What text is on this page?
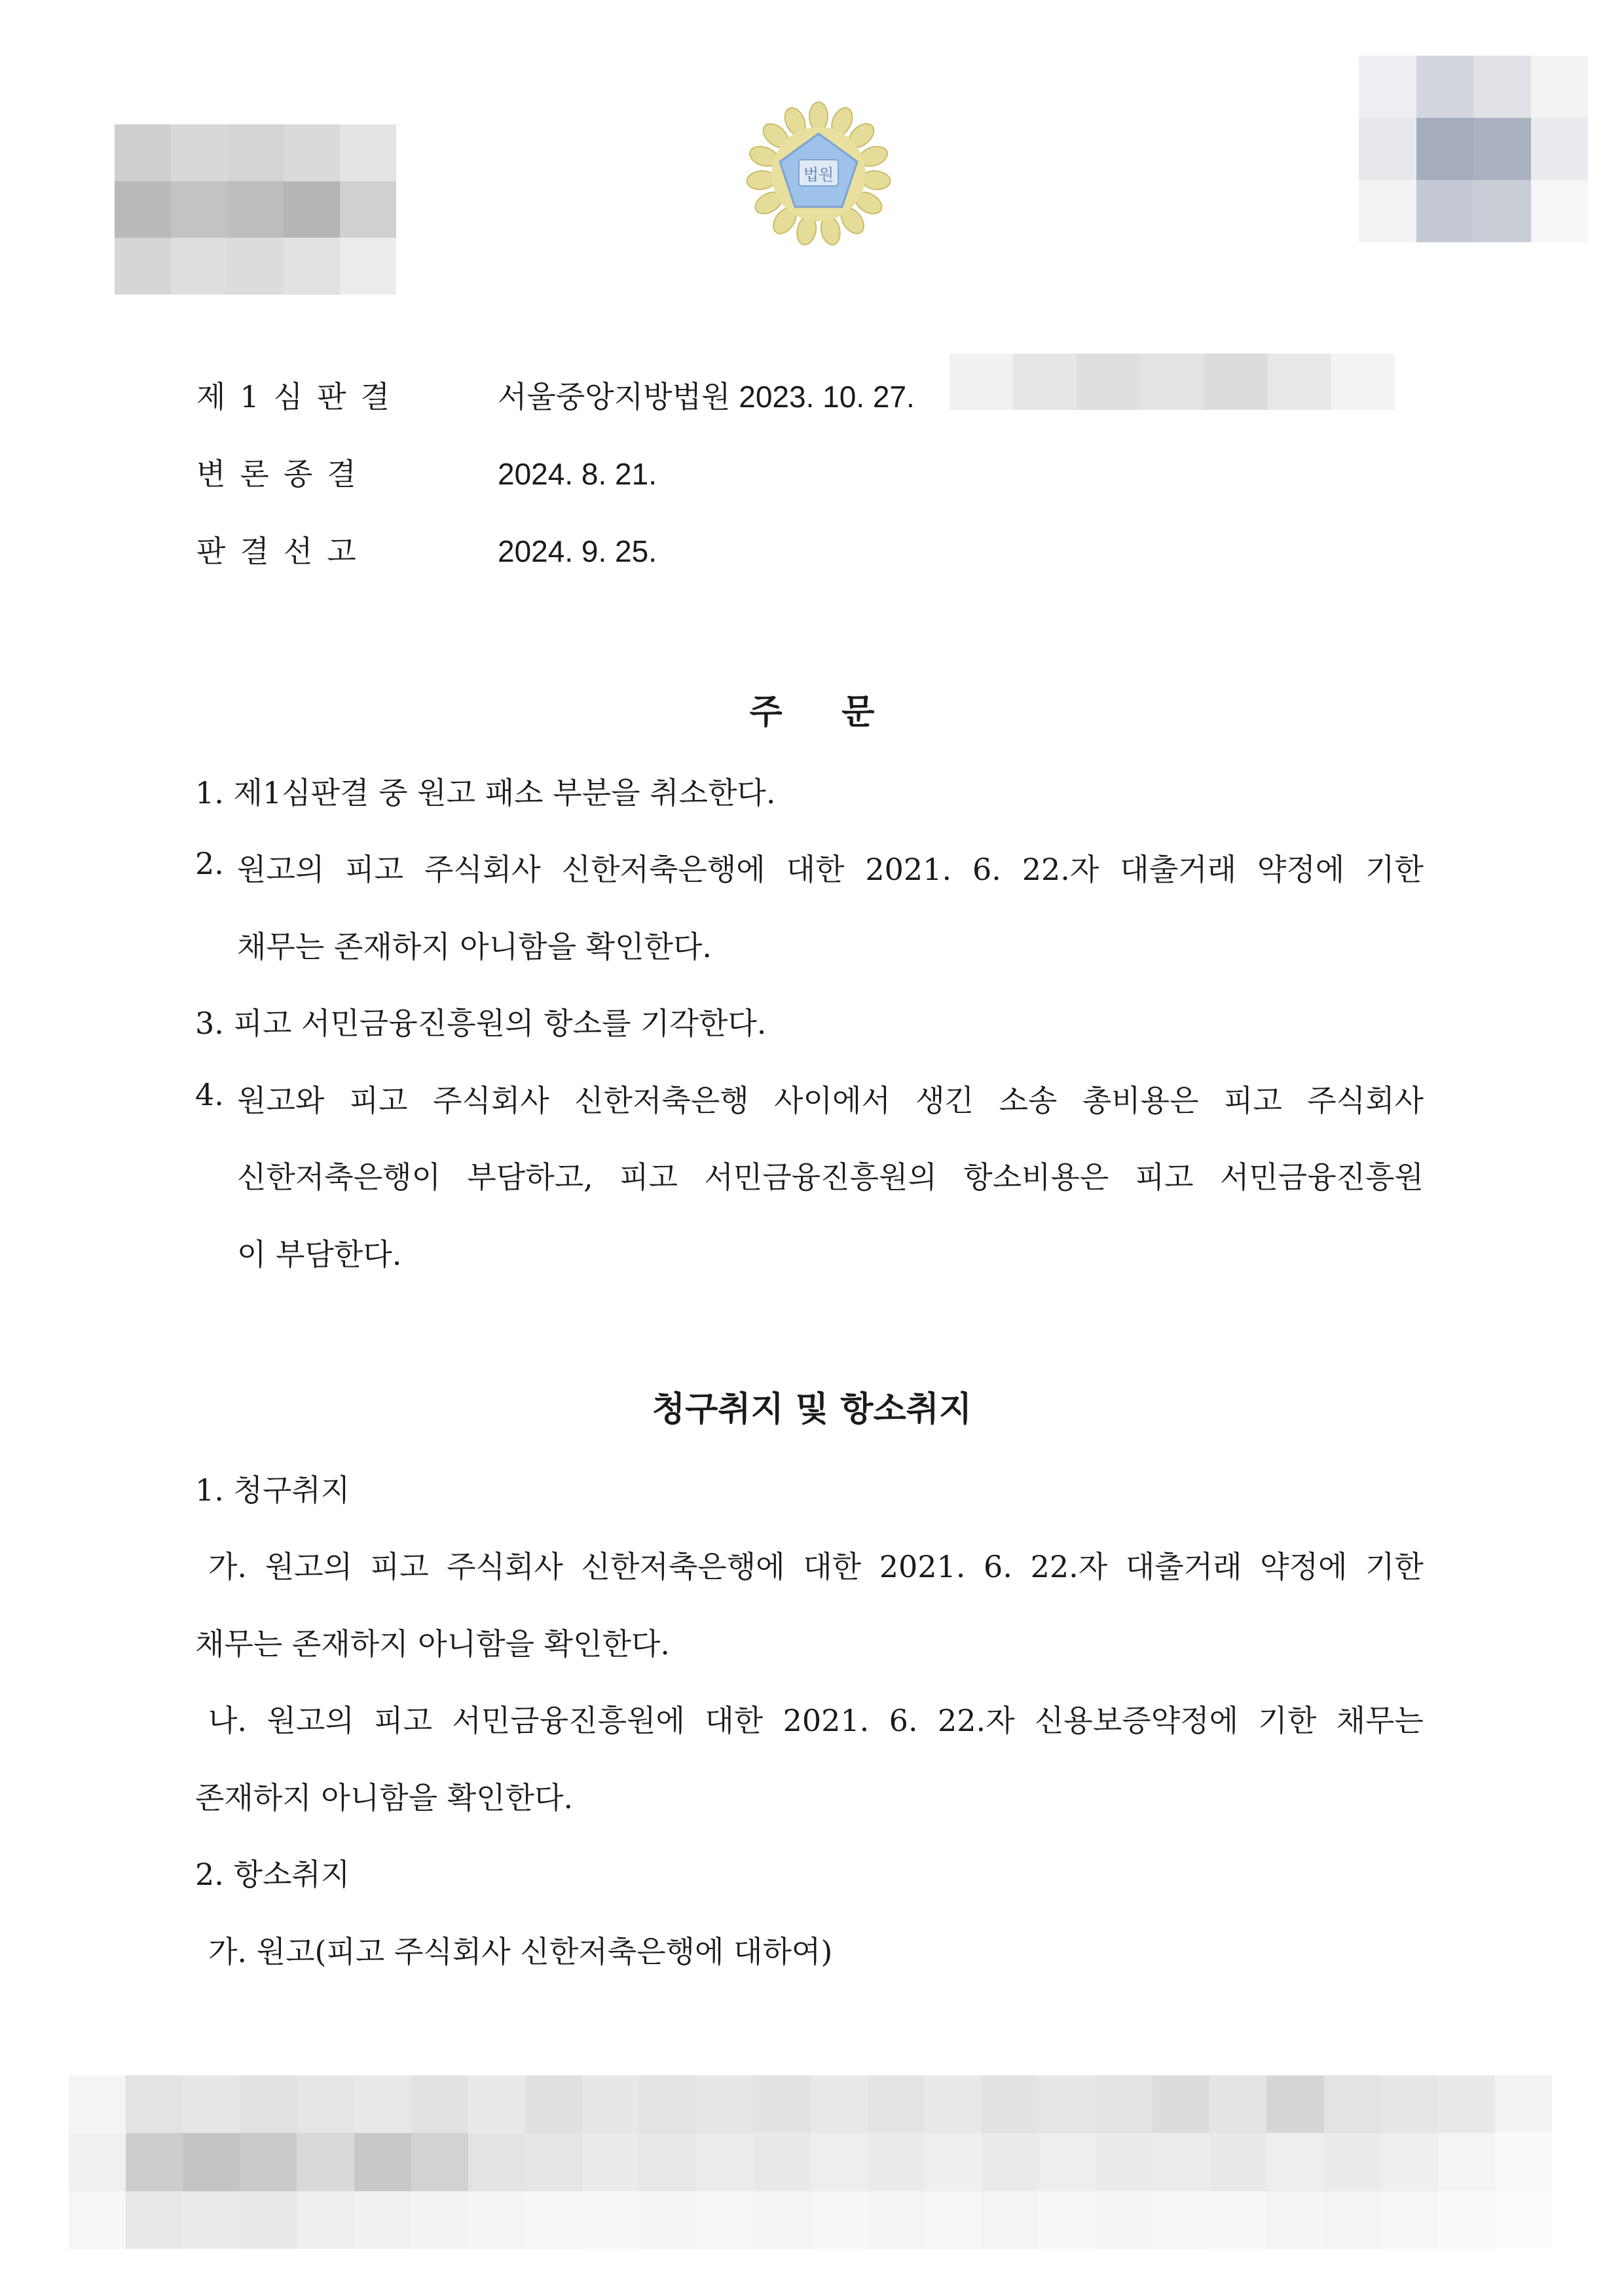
법원
제1심판결	서울중앙지방법원 2023. 10. 27.
변론종결	2024. 8. 21.
판결선고	2024. 9. 25.
주     문
1. 제1심판결 중 원고 패소 부분을 취소한다.
2. 원고의 피고 주식회사 신한저축은행에 대한 2021. 6. 22.자 대출거래 약정에 기한
채무는 존재하지 아니함을 확인한다.
3. 피고 서민금융진흥원의 항소를 기각한다.
4. 원고와 피고 주식회사 신한저축은행 사이에서 생긴 소송 총비용은 피고 주식회사
신한저축은행이 부담하고, 피고 서민금융진흥원의 항소비용은 피고 서민금융진흥원
이 부담한다.
청구취지 및 항소취지
1. 청구취지
가. 원고의 피고 주식회사 신한저축은행에 대한 2021. 6. 22.자 대출거래 약정에 기한
채무는 존재하지 아니함을 확인한다.
나. 원고의 피고 서민금융진흥원에 대한 2021. 6. 22.자 신용보증약정에 기한 채무는
존재하지 아니함을 확인한다.
2. 항소취지
가. 원고(피고 주식회사 신한저축은행에 대하여)
